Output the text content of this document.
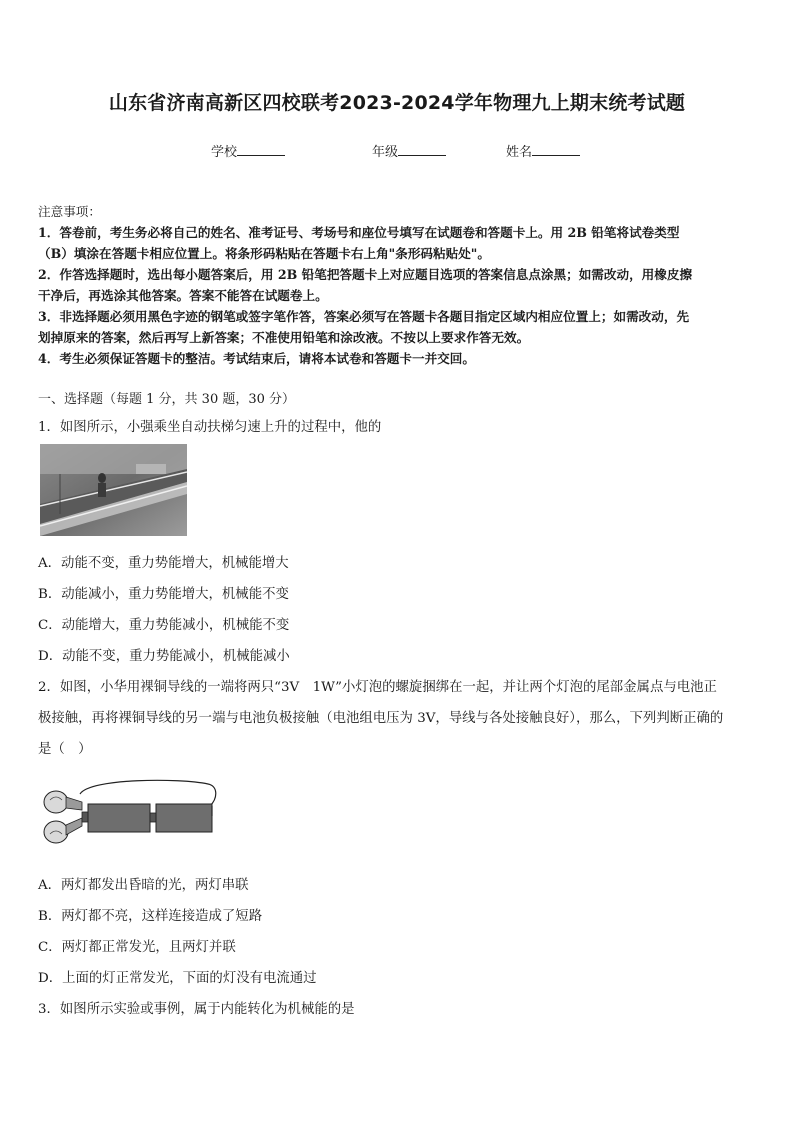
山东省济南高新区四校联考2023-2024学年物理九上期末统考试题
学校	年级	姓名
注意事项：
1．答卷前，考生务必将自己的姓名、准考证号、考场号和座位号填写在试题卷和答题卡上。用 2B 铅笔将试卷类型
（B）填涂在答题卡相应位置上。将条形码粘贴在答题卡右上角"条形码粘贴处"。
2．作答选择题时，选出每小题答案后，用 2B 铅笔把答题卡上对应题目选项的答案信息点涂黑；如需改动，用橡皮擦
干净后，再选涂其他答案。答案不能答在试题卷上。
3．非选择题必须用黑色字迹的钢笔或签字笔作答，答案必须写在答题卡各题目指定区域内相应位置上；如需改动，先
划掉原来的答案，然后再写上新答案；不准使用铅笔和涂改液。不按以上要求作答无效。
4．考生必须保证答题卡的整洁。考试结束后，请将本试卷和答题卡一并交回。
一、选择题（每题 1 分，共 30 题，30 分）
1．如图所示，小强乘坐自动扶梯匀速上升的过程中，他的
A．动能不变，重力势能增大，机械能增大
B．动能减小，重力势能增大，机械能不变
C．动能增大，重力势能减小，机械能不变
D．动能不变，重力势能减小，机械能减小
2．如图，小华用裸铜导线的一端将两只“3V　1W”小灯泡的螺旋捆绑在一起，并让两个灯泡的尾部金属点与电池正
极接触，再将裸铜导线的另一端与电池负极接触（电池组电压为 3V，导线与各处接触良好），那么，下列判断正确的
是（　）
A．两灯都发出昏暗的光，两灯串联
B．两灯都不亮，这样连接造成了短路
C．两灯都正常发光，且两灯并联
D．上面的灯正常发光，下面的灯没有电流通过
3．如图所示实验或事例，属于内能转化为机械能的是
